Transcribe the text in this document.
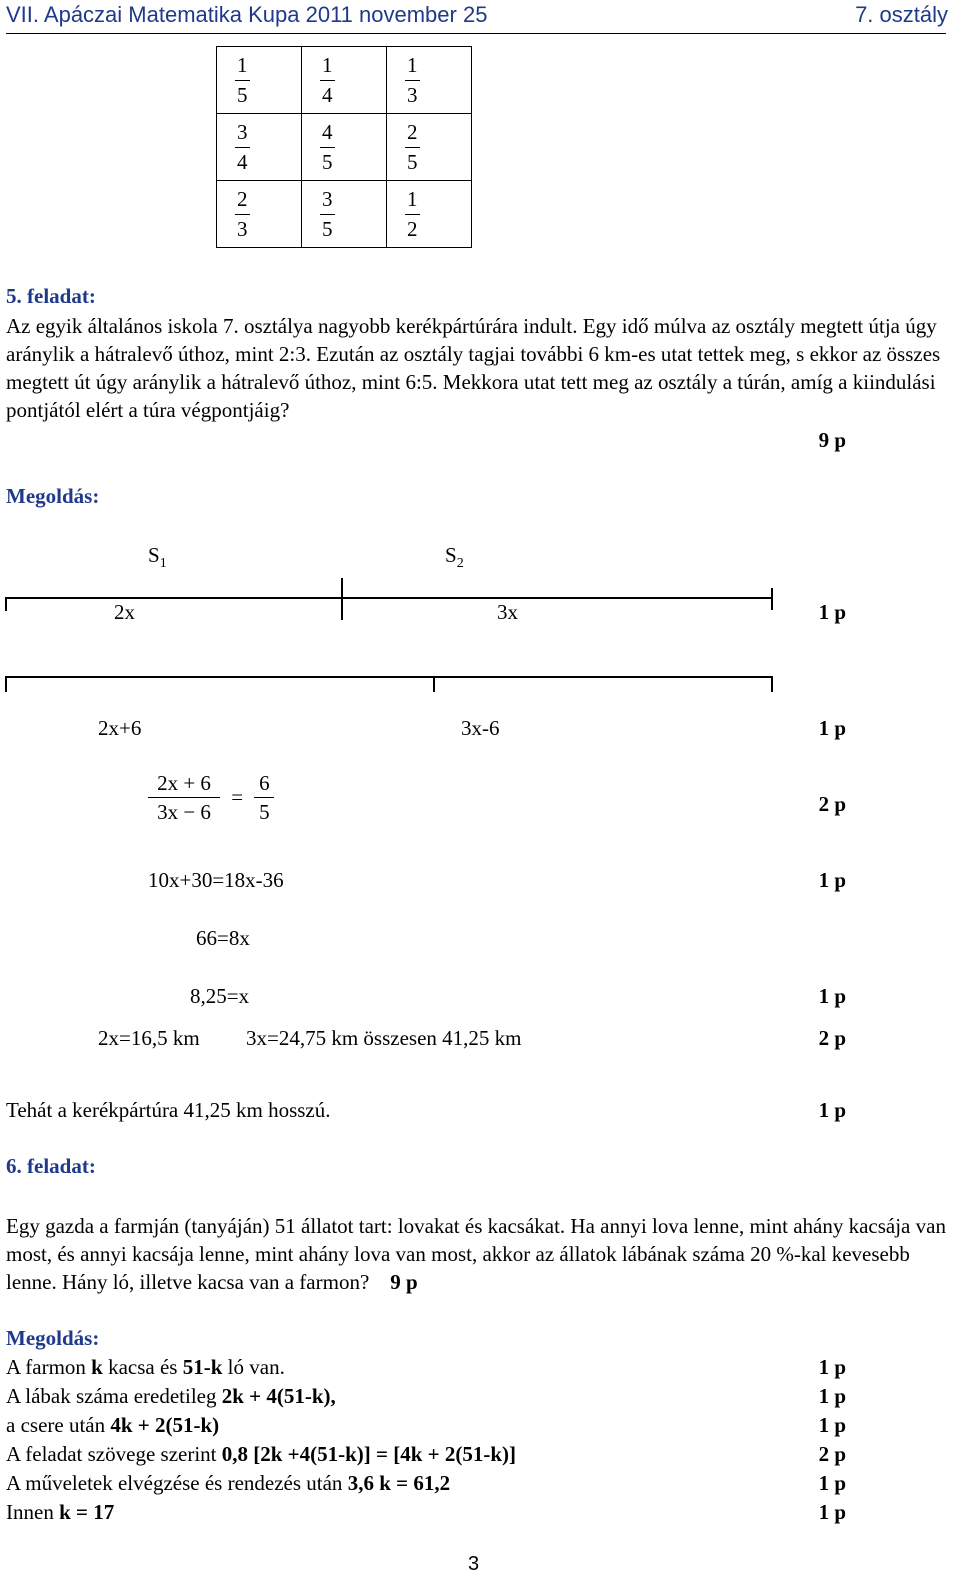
VII. Apáczai Matematika Kupa 2011 november 25	7. osztály
$\frac{1}{5}$	$\frac{1}{4}$	$\frac{1}{3}$

$\frac{3}{4}$	$\frac{4}{5}$	$\frac{2}{5}$

$\frac{2}{3}$	$\frac{3}{5}$	$\frac{1}{2}$
5. feladat:
Az egyik általános iskola 7. osztálya nagyobb kerékpártúrára indult. Egy idő múlva az osztály megtett útja úgy aránylik a hátralevő úthoz, mint 2:3. Ezután az osztály tagjai további 6 km-es utat tettek meg, s ekkor az összes megtett út úgy aránylik a hátralevő úthoz, mint 6:5. Mekkora utat tett meg az osztály a túrán, amíg a kiindulási pontjától elért a túra végpontjáig?
9 p
Megoldás:
$S_1$	$S_2$
2x	3x	1 p
2x+6	3x-6	1 p
$\frac{2x + 6}{3x - 6} = \frac{6}{5}$	2 p
10x+30=18x-36	1 p
66=8x
8,25=x	1 p
2x=16,5 km 3x=24,75 km összesen 41,25 km	2 p
Tehát a kerékpártúra 41,25 km hosszú.	1 p
6. feladat:
Egy gazda a farmján (tanyáján) 51 állatot tart: lovakat és kacsákat. Ha annyi lova lenne, mint ahány kacsája van most, és annyi kacsája lenne, mint ahány lova van most, akkor az állatok lábának száma 20 %-kal kevesebb lenne. Hány ló, illetve kacsa van a farmon? 9 p
Megoldás:
A farmon k kacsa és 51-k ló van.	1 p
A lábak száma eredetileg 2k + 4(51-k),	1 p
a csere után 4k + 2(51-k)	1 p
A feladat szövege szerint 0,8 [2k +4(51-k)] = [4k + 2(51-k)]	2 p
A műveletek elvégzése és rendezés után 3,6 k = 61,2	1 p
Innen k = 17	1 p
3
